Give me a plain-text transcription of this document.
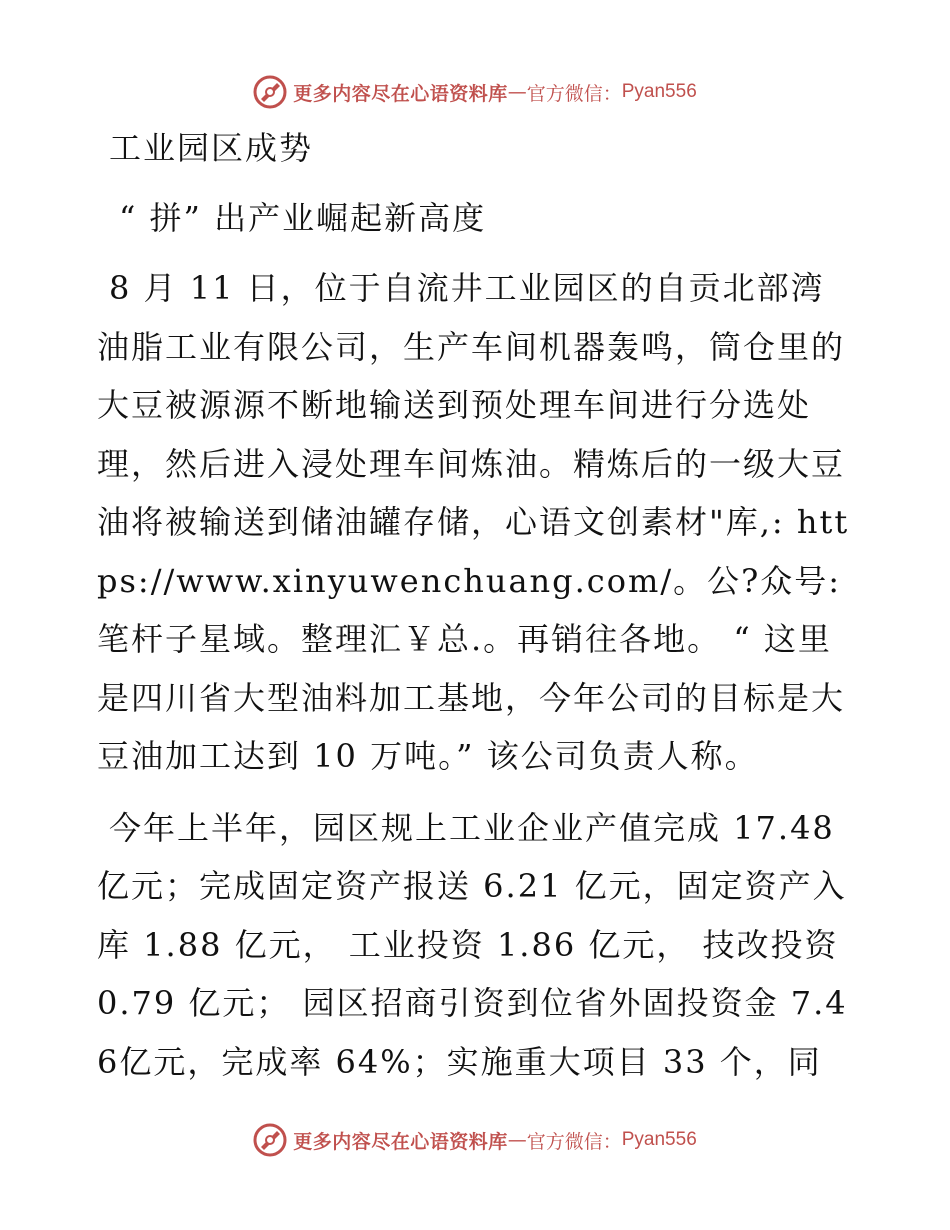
更多内容尽在心语资料库 — 官方微信： Pyan556

工业园区成势

“ 拼” 出产业崛起新高度

8 月 11 日，位于自流井工业园区的自贡北部湾油脂工业有限公司，生产车间机器轰鸣，筒仓里的大豆被源源不断地输送到预处理车间进行分选处理，然后进入浸处理车间炼油。精炼后的一级大豆油将被输送到储油罐存储，心语文创素材"库,: https://www.xinyuwenchuang.com/。公?众号: 笔杆子星域。整理汇￥总.。再销往各地。 “ 这里是四川省大型油料加工基地，今年公司的目标是大豆油加工达到 10 万吨。” 该公司负责人称。

今年上半年，园区规上工业企业产值完成 17.48 亿元；完成固定资产报送 6.21 亿元，固定资产入库 1.88 亿元， 工业投资 1.86 亿元， 技改投资 0.79 亿元； 园区招商引资到位省外固投资金 7.46亿元，完成率 64%；实施重大项目 33 个，同

更多内容尽在心语资料库 — 官方微信： Pyan556
